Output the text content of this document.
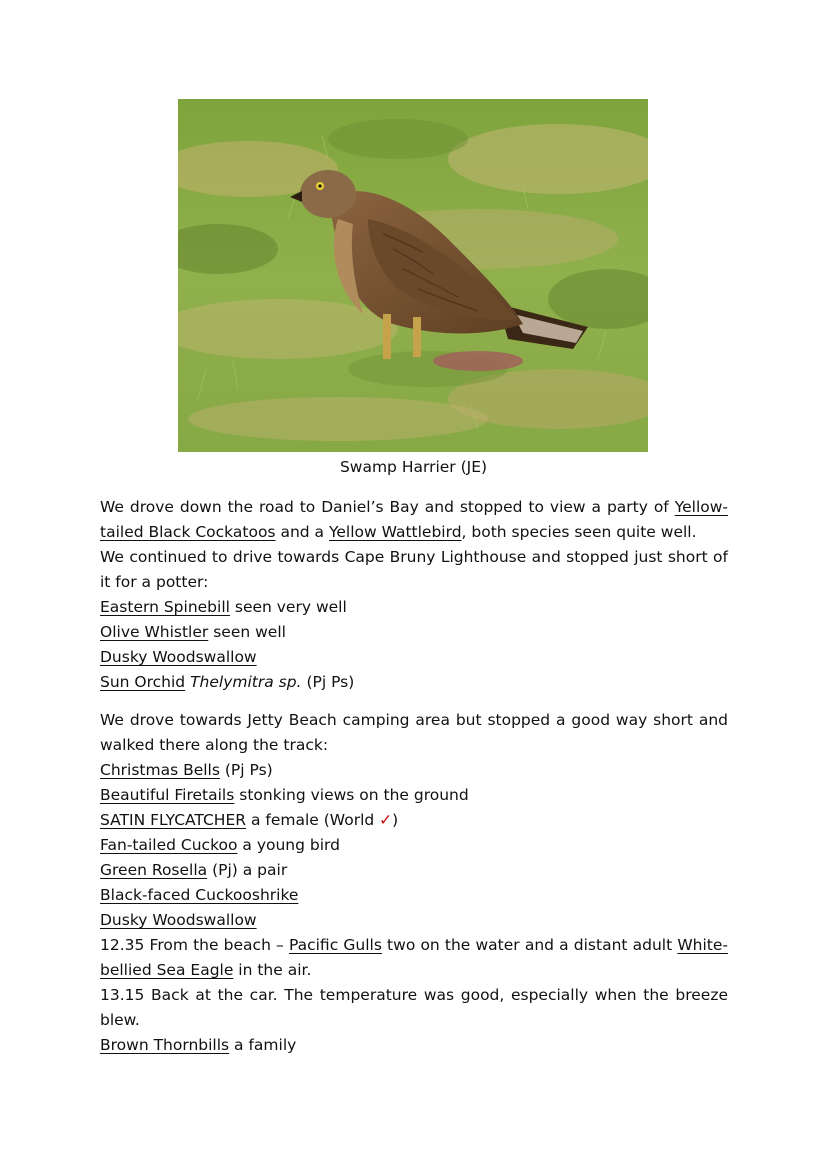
Swamp Harrier (JE)

We drove down the road to Daniel’s Bay and stopped to view a party of Yellow-tailed Black Cockatoos and a Yellow Wattlebird, both species seen quite well.

We continued to drive towards Cape Bruny Lighthouse and stopped just short of it for a potter:

Eastern Spinebill seen very well
Olive Whistler seen well
Dusky Woodswallow
Sun Orchid Thelymitra sp. (Pj Ps)

We drove towards Jetty Beach camping area but stopped a good way short and walked there along the track:

Christmas Bells (Pj Ps)
Beautiful Firetails stonking views on the ground
SATIN FLYCATCHER a female (World ✓)
Fan-tailed Cuckoo a young bird
Green Rosella (Pj) a pair
Black-faced Cuckooshrike
Dusky Woodswallow

12.35 From the beach – Pacific Gulls two on the water and a distant adult White-bellied Sea Eagle in the air.

13.15 Back at the car. The temperature was good, especially when the breeze blew.

Brown Thornbills a family
